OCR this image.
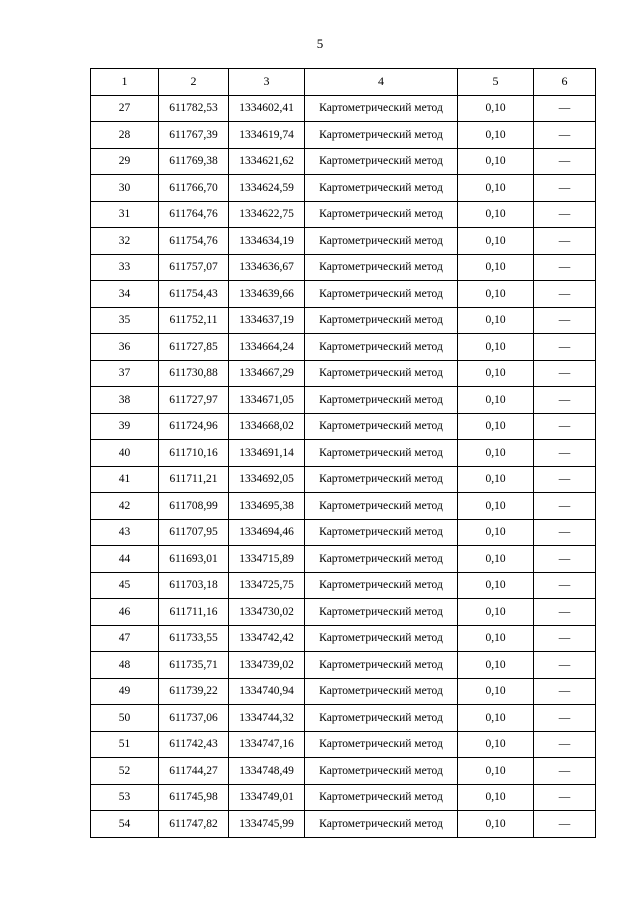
5
1	2	3	4	5	6
27	611782,53	1334602,41	Картометрический метод	0,10	—
28	611767,39	1334619,74	Картометрический метод	0,10	—
29	611769,38	1334621,62	Картометрический метод	0,10	—
30	611766,70	1334624,59	Картометрический метод	0,10	—
31	611764,76	1334622,75	Картометрический метод	0,10	—
32	611754,76	1334634,19	Картометрический метод	0,10	—
33	611757,07	1334636,67	Картометрический метод	0,10	—
34	611754,43	1334639,66	Картометрический метод	0,10	—
35	611752,11	1334637,19	Картометрический метод	0,10	—
36	611727,85	1334664,24	Картометрический метод	0,10	—
37	611730,88	1334667,29	Картометрический метод	0,10	—
38	611727,97	1334671,05	Картометрический метод	0,10	—
39	611724,96	1334668,02	Картометрический метод	0,10	—
40	611710,16	1334691,14	Картометрический метод	0,10	—
41	611711,21	1334692,05	Картометрический метод	0,10	—
42	611708,99	1334695,38	Картометрический метод	0,10	—
43	611707,95	1334694,46	Картометрический метод	0,10	—
44	611693,01	1334715,89	Картометрический метод	0,10	—
45	611703,18	1334725,75	Картометрический метод	0,10	—
46	611711,16	1334730,02	Картометрический метод	0,10	—
47	611733,55	1334742,42	Картометрический метод	0,10	—
48	611735,71	1334739,02	Картометрический метод	0,10	—
49	611739,22	1334740,94	Картометрический метод	0,10	—
50	611737,06	1334744,32	Картометрический метод	0,10	—
51	611742,43	1334747,16	Картометрический метод	0,10	—
52	611744,27	1334748,49	Картометрический метод	0,10	—
53	611745,98	1334749,01	Картометрический метод	0,10	—
54	611747,82	1334745,99	Картометрический метод	0,10	—
